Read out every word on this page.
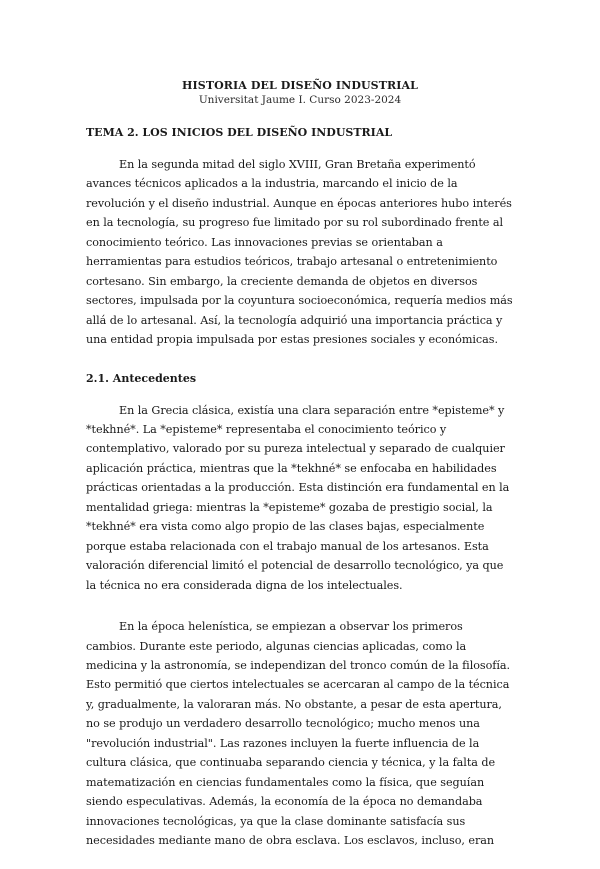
HISTORIA DEL DISEÑO INDUSTRIAL
Universitat Jaume I. Curso 2023-2024
TEMA 2. LOS INICIOS DEL DISEÑO INDUSTRIAL

En la segunda mitad del siglo XVIII, Gran Bretaña experimentó avances técnicos aplicados a la industria, marcando el inicio de la revolución y el diseño industrial. Aunque en épocas anteriores hubo interés en la tecnología, su progreso fue limitado por su rol subordinado frente al conocimiento teórico. Las innovaciones previas se orientaban a herramientas para estudios teóricos, trabajo artesanal o entretenimiento cortesano. Sin embargo, la creciente demanda de objetos en diversos sectores, impulsada por la coyuntura socioeconómica, requería medios más allá de lo artesanal. Así, la tecnología adquirió una importancia práctica y una entidad propia impulsada por estas presiones sociales y económicas.

2.1. Antecedentes

En la Grecia clásica, existía una clara separación entre *episteme* y *tekhné*. La *episteme* representaba el conocimiento teórico y contemplativo, valorado por su pureza intelectual y separado de cualquier aplicación práctica, mientras que la *tekhné* se enfocaba en habilidades prácticas orientadas a la producción. Esta distinción era fundamental en la mentalidad griega: mientras la *episteme* gozaba de prestigio social, la *tekhné* era vista como algo propio de las clases bajas, especialmente porque estaba relacionada con el trabajo manual de los artesanos. Esta valoración diferencial limitó el potencial de desarrollo tecnológico, ya que la técnica no era considerada digna de los intelectuales.

En la época helenística, se empiezan a observar los primeros cambios. Durante este periodo, algunas ciencias aplicadas, como la medicina y la astronomía, se independizan del tronco común de la filosofía. Esto permitió que ciertos intelectuales se acercaran al campo de la técnica y, gradualmente, la valoraran más. No obstante, a pesar de esta apertura, no se produjo un verdadero desarrollo tecnológico; mucho menos una "revolución industrial". Las razones incluyen la fuerte influencia de la cultura clásica, que continuaba separando ciencia y técnica, y la falta de matematización en ciencias fundamentales como la física, que seguían siendo especulativas. Además, la economía de la época no demandaba innovaciones tecnológicas, ya que la clase dominante satisfacía sus necesidades mediante mano de obra esclava. Los esclavos, incluso, eran
